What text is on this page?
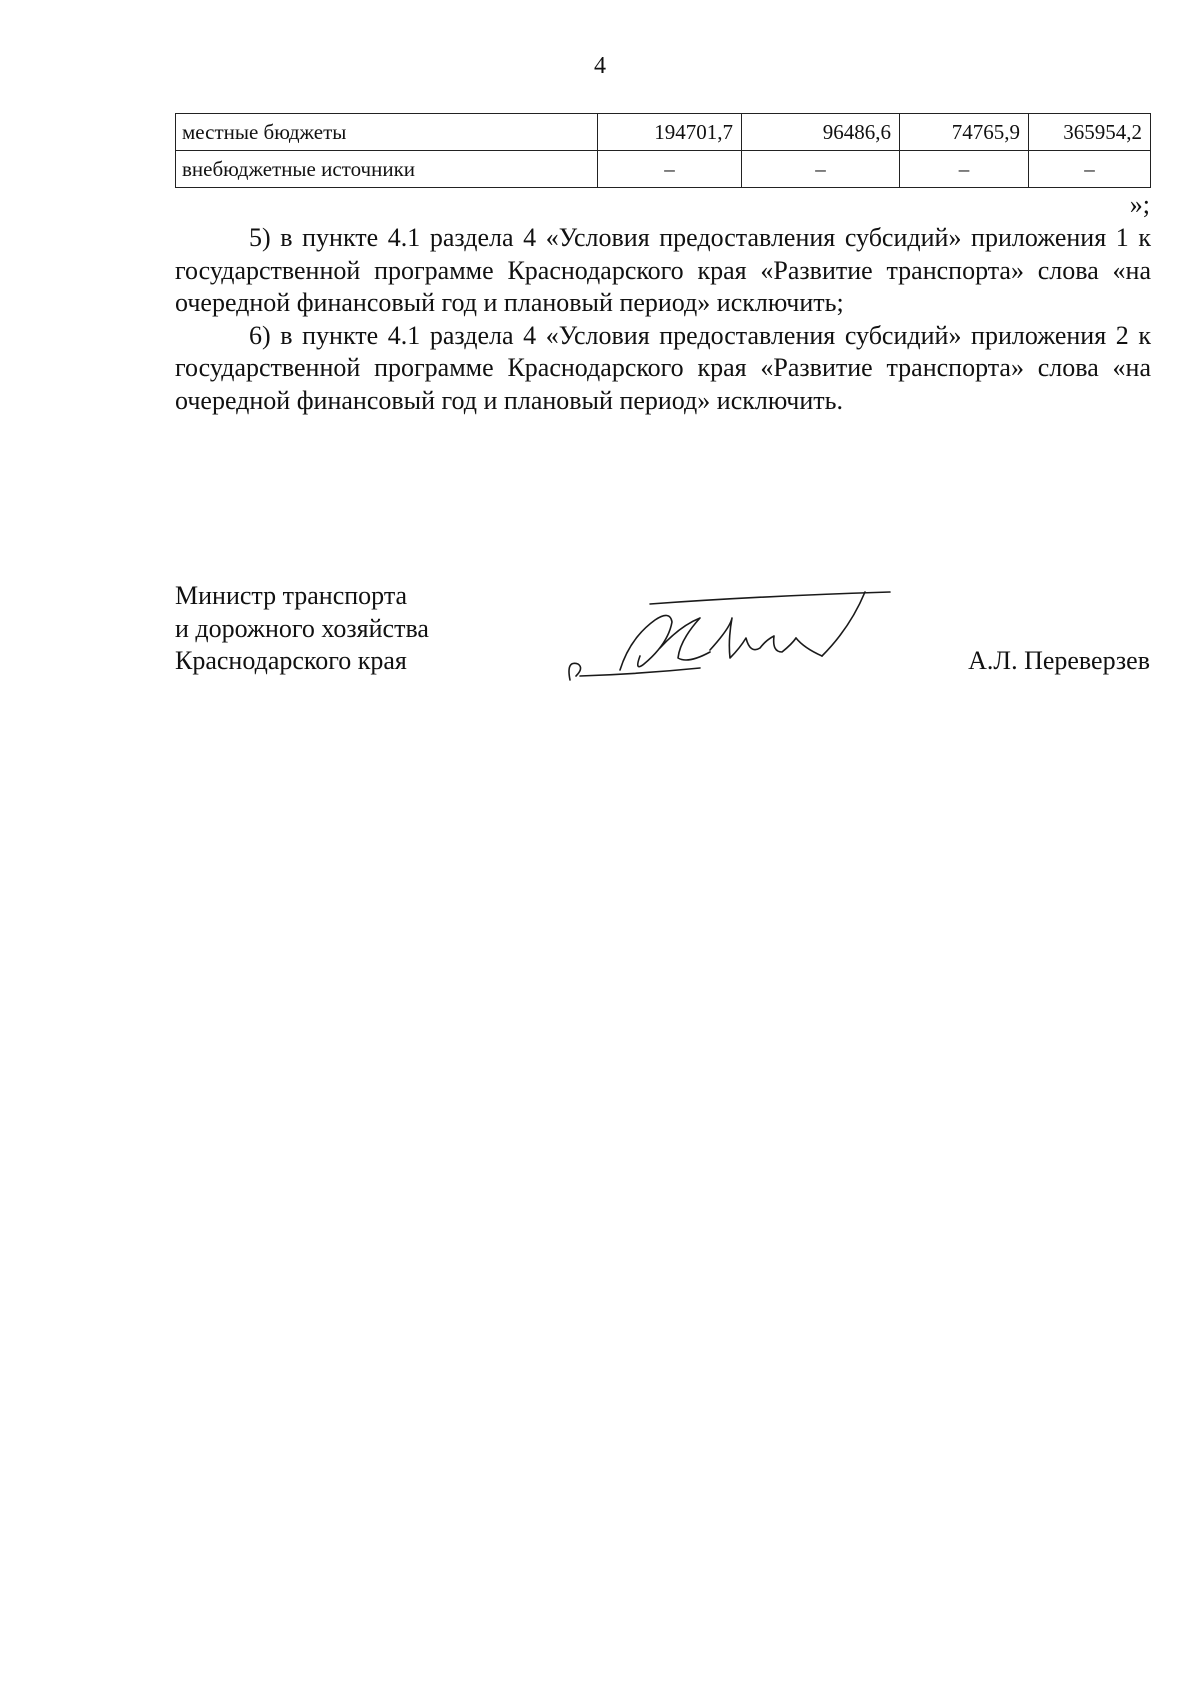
4
местные бюджеты	194701,7	96486,6	74765,9	365954,2
внебюджетные источники	–	–	–	–
»;

5) в пункте 4.1 раздела 4 «Условия предоставления субсидий» приложения 1 к государственной программе Краснодарского края «Развитие транспорта» слова «на очередной финансовый год и плановый период» исключить;

6) в пункте 4.1 раздела 4 «Условия предоставления субсидий» приложения 2 к государственной программе Краснодарского края «Развитие транспорта» слова «на очередной финансовый год и плановый период» исключить.

Министр транспорта
и дорожного хозяйства
Краснодарского края	А.Л. Переверзев
